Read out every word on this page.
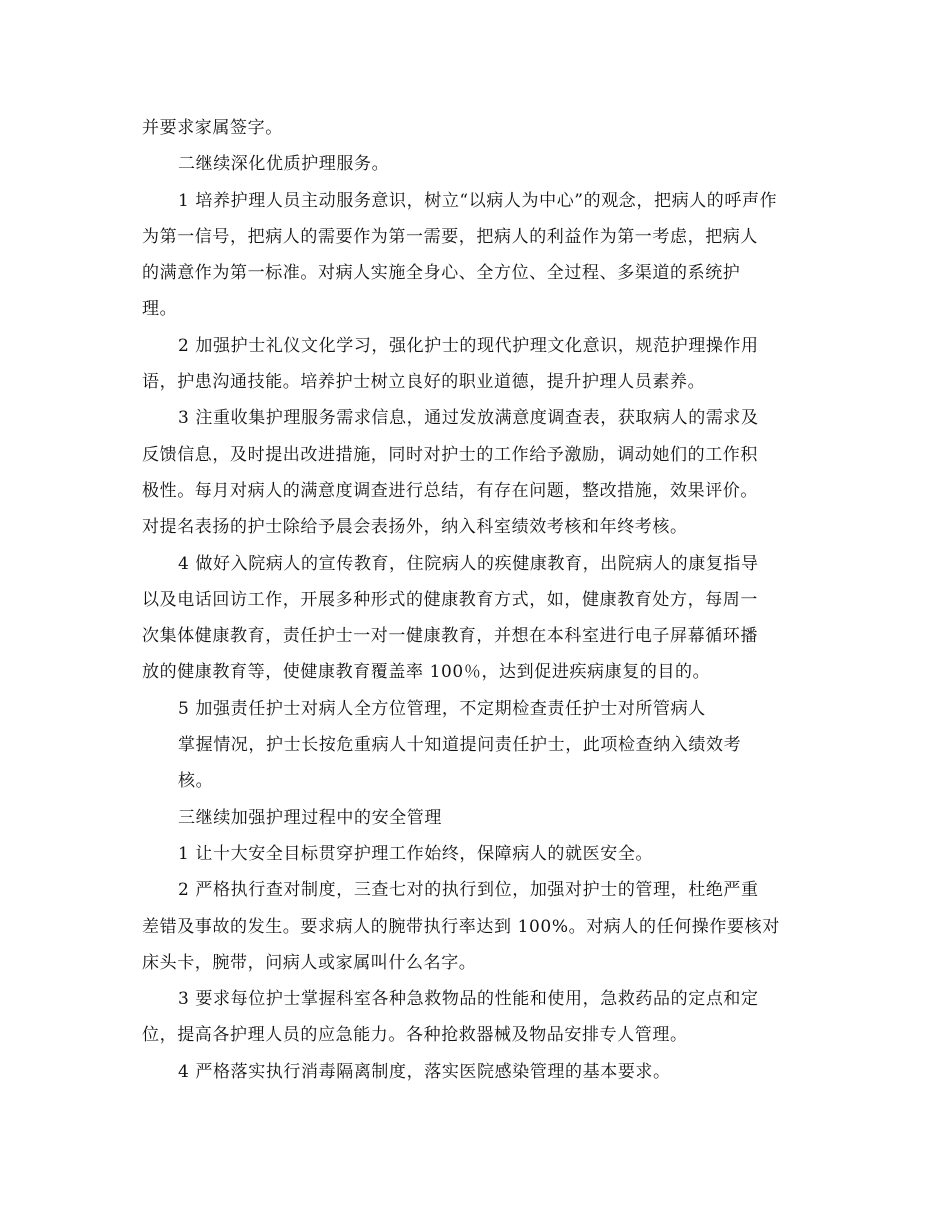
并要求家属签字。
二继续深化优质护理服务。
1 培养护理人员主动服务意识，树立“以病人为中心”的观念，把病人的呼声作
为第一信号，把病人的需要作为第一需要，把病人的利益作为第一考虑，把病人
的满意作为第一标准。对病人实施全身心、全方位、全过程、多渠道的系统护
理。
2 加强护士礼仪文化学习，强化护士的现代护理文化意识，规范护理操作用
语，护患沟通技能。培养护士树立良好的职业道德，提升护理人员素养。
3 注重收集护理服务需求信息，通过发放满意度调查表，获取病人的需求及
反馈信息，及时提出改进措施，同时对护士的工作给予激励，调动她们的工作积
极性。每月对病人的满意度调查进行总结，有存在问题，整改措施，效果评价。
对提名表扬的护士除给予晨会表扬外，纳入科室绩效考核和年终考核。
4 做好入院病人的宣传教育，住院病人的疾健康教育，出院病人的康复指导
以及电话回访工作，开展多种形式的健康教育方式，如，健康教育处方，每周一
次集体健康教育，责任护士一对一健康教育，并想在本科室进行电子屏幕循环播
放的健康教育等，使健康教育覆盖率 100％，达到促进疾病康复的目的。
5 加强责任护士对病人全方位管理，不定期检查责任护士对所管病人
掌握情况，护士长按危重病人十知道提问责任护士，此项检查纳入绩效考
核。
三继续加强护理过程中的安全管理
1 让十大安全目标贯穿护理工作始终，保障病人的就医安全。
2 严格执行查对制度，三查七对的执行到位，加强对护士的管理，杜绝严重
差错及事故的发生。要求病人的腕带执行率达到 100%。对病人的任何操作要核对
床头卡，腕带，问病人或家属叫什么名字。
3 要求每位护士掌握科室各种急救物品的性能和使用，急救药品的定点和定
位，提高各护理人员的应急能力。各种抢救器械及物品安排专人管理。
4 严格落实执行消毒隔离制度，落实医院感染管理的基本要求。
